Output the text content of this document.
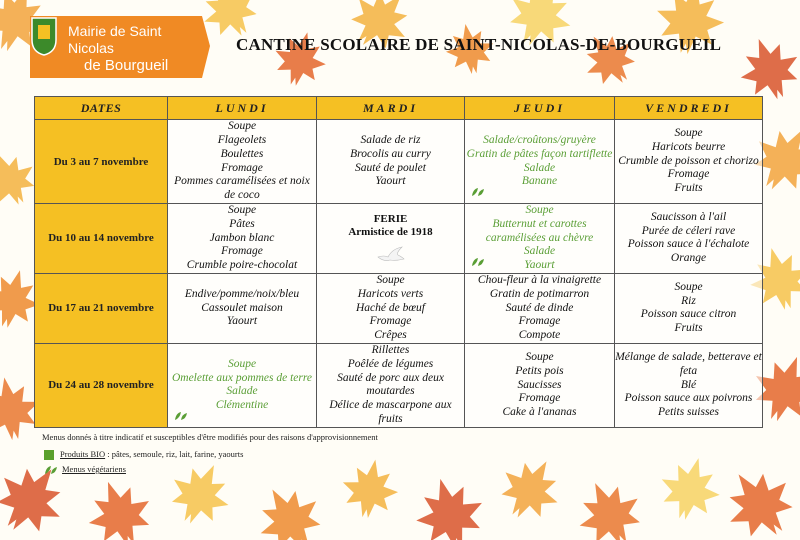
Mairie de Saint Nicolas
de Bourgueil
CANTINE SCOLAIRE DE SAINT-NICOLAS-DE-BOURGUEIL
DATES	LUNDI	MARDI	JEUDI	VENDREDI
Du 3 au 7 novembre	Soupe
Flageolets
Boulettes
Fromage
Pommes caramélisées et noix de coco	Salade de riz
Brocolis au curry
Sauté de poulet
Yaourt	Salade/croûtons/gruyère
Gratin de pâtes façon tartiflette
Salade
Banane	Soupe
Haricots beurre
Crumble de poisson et chorizo
Fromage
Fruits

Du 10 au 14 novembre	Soupe
Pâtes
Jambon blanc
Fromage
Crumble poire-chocolat	FERIE
Armistice de 1918	Soupe
Butternut et carottes caramélisées au chèvre
Salade
Yaourt	Saucisson à l'ail
Purée de céleri rave
Poisson sauce à l'échalote
Orange

Du 17 au 21 novembre	Endive/pomme/noix/bleu
Cassoulet maison
Yaourt	Soupe
Haricots verts
Haché de bœuf
Fromage
Crêpes	Chou-fleur à la vinaigrette
Gratin de potimarron
Sauté de dinde
Fromage
Compote	Soupe
Riz
Poisson sauce citron
Fruits

Du 24 au 28 novembre	Soupe
Omelette aux pommes de terre
Salade
Clémentine	Rillettes
Poêlée de légumes
Sauté de porc aux deux moutardes
Délice de mascarpone aux fruits	Soupe
Petits pois
Saucisses
Fromage
Cake à l'ananas	Mélange de salade, betterave et feta
Blé
Poisson sauce aux poivrons
Petits suisses
Menus donnés à titre indicatif et susceptibles d'être modifiés pour des raisons d'approvisionnement
Produits BIO : pâtes, semoule, riz, lait, farine, yaourts
Menus végétariens
